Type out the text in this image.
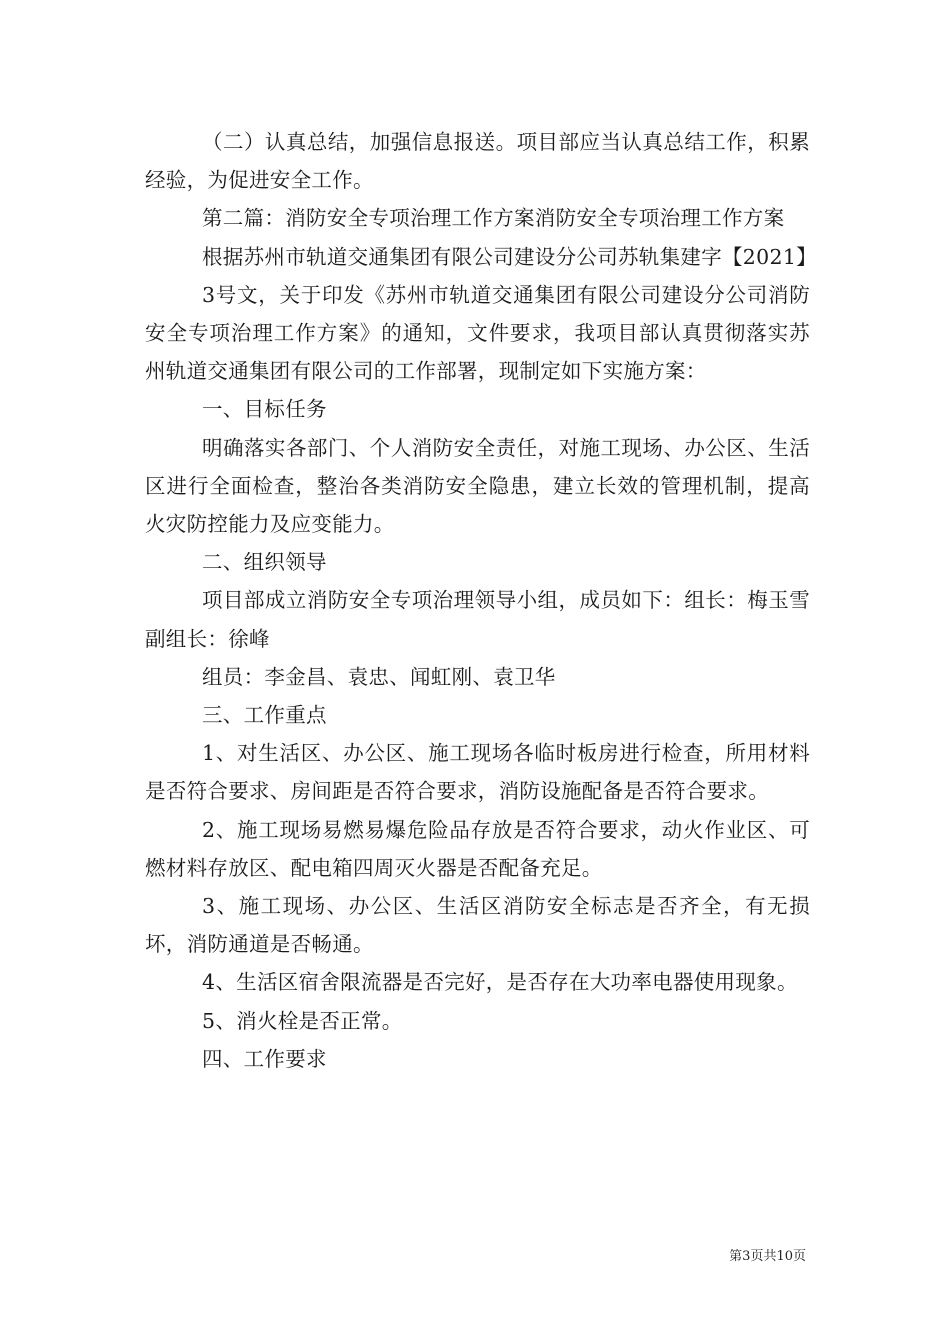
（二）认真总结，加强信息报送。项目部应当认真总结工作，积累经验，为促进安全工作。

第二篇：消防安全专项治理工作方案消防安全专项治理工作方案

根据苏州市轨道交通集团有限公司建设分公司苏轨集建字【2021】

3号文，关于印发《苏州市轨道交通集团有限公司建设分公司消防安全专项治理工作方案》的通知，文件要求，我项目部认真贯彻落实苏州轨道交通集团有限公司的工作部署，现制定如下实施方案：

一、目标任务

明确落实各部门、个人消防安全责任，对施工现场、办公区、生活区进行全面检查，整治各类消防安全隐患，建立长效的管理机制，提高火灾防控能力及应变能力。

二、组织领导

项目部成立消防安全专项治理领导小组，成员如下：组长：梅玉雪副组长：徐峰

组员：李金昌、袁忠、闻虹刚、袁卫华

三、工作重点

1、对生活区、办公区、施工现场各临时板房进行检查，所用材料是否符合要求、房间距是否符合要求，消防设施配备是否符合要求。

2、施工现场易燃易爆危险品存放是否符合要求，动火作业区、可燃材料存放区、配电箱四周灭火器是否配备充足。

3、施工现场、办公区、生活区消防安全标志是否齐全，有无损坏，消防通道是否畅通。

4、生活区宿舍限流器是否完好，是否存在大功率电器使用现象。

5、消火栓是否正常。

四、工作要求

第3页共10页
